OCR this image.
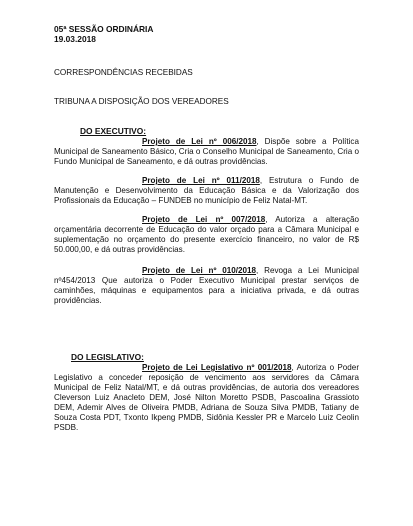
05ª SESSÃO ORDINÁRIA
19.03.2018
CORRESPONDÊNCIAS RECEBIDAS
TRIBUNA A DISPOSIÇÃO DOS VEREADORES
DO EXECUTIVO:
Projeto de Lei nº 006/2018, Dispõe sobre a Política Municipal de Saneamento Básico, Cria o Conselho Municipal de Saneamento, Cria o Fundo Municipal de Saneamento, e dá outras providências.
Projeto de Lei nº 011/2018, Estrutura o Fundo de Manutenção e Desenvolvimento da Educação Básica e da Valorização dos Profissionais da Educação – FUNDEB no município de Feliz Natal-MT.
Projeto de Lei nº 007/2018, Autoriza a alteração orçamentária decorrente de Educação do valor orçado para a Câmara Municipal e suplementação no orçamento do presente exercício financeiro, no valor de R$ 50.000,00, e dá outras providências.
Projeto de Lei nº 010/2018, Revoga a Lei Municipal nº454/2013 Que autoriza o Poder Executivo Municipal prestar serviços de caminhões, máquinas e equipamentos para a iniciativa privada, e dá outras providências.
DO LEGISLATIVO:
Projeto de Lei Legislativo nº 001/2018, Autoriza o Poder Legislativo a conceder reposição de vencimento aos servidores da Câmara Municipal de Feliz Natal/MT, e dá outras providências, de autoria dos vereadores Cleverson Luiz Anacleto DEM, José Nilton Moretto PSDB, Pascoalina Grassioto DEM, Ademir Alves de Oliveira PMDB, Adriana de Souza Silva PMDB, Tatiany de Souza Costa PDT, Txonto Ikpeng PMDB, Sidônia Kessler PR e Marcelo Luiz Ceolin PSDB.
